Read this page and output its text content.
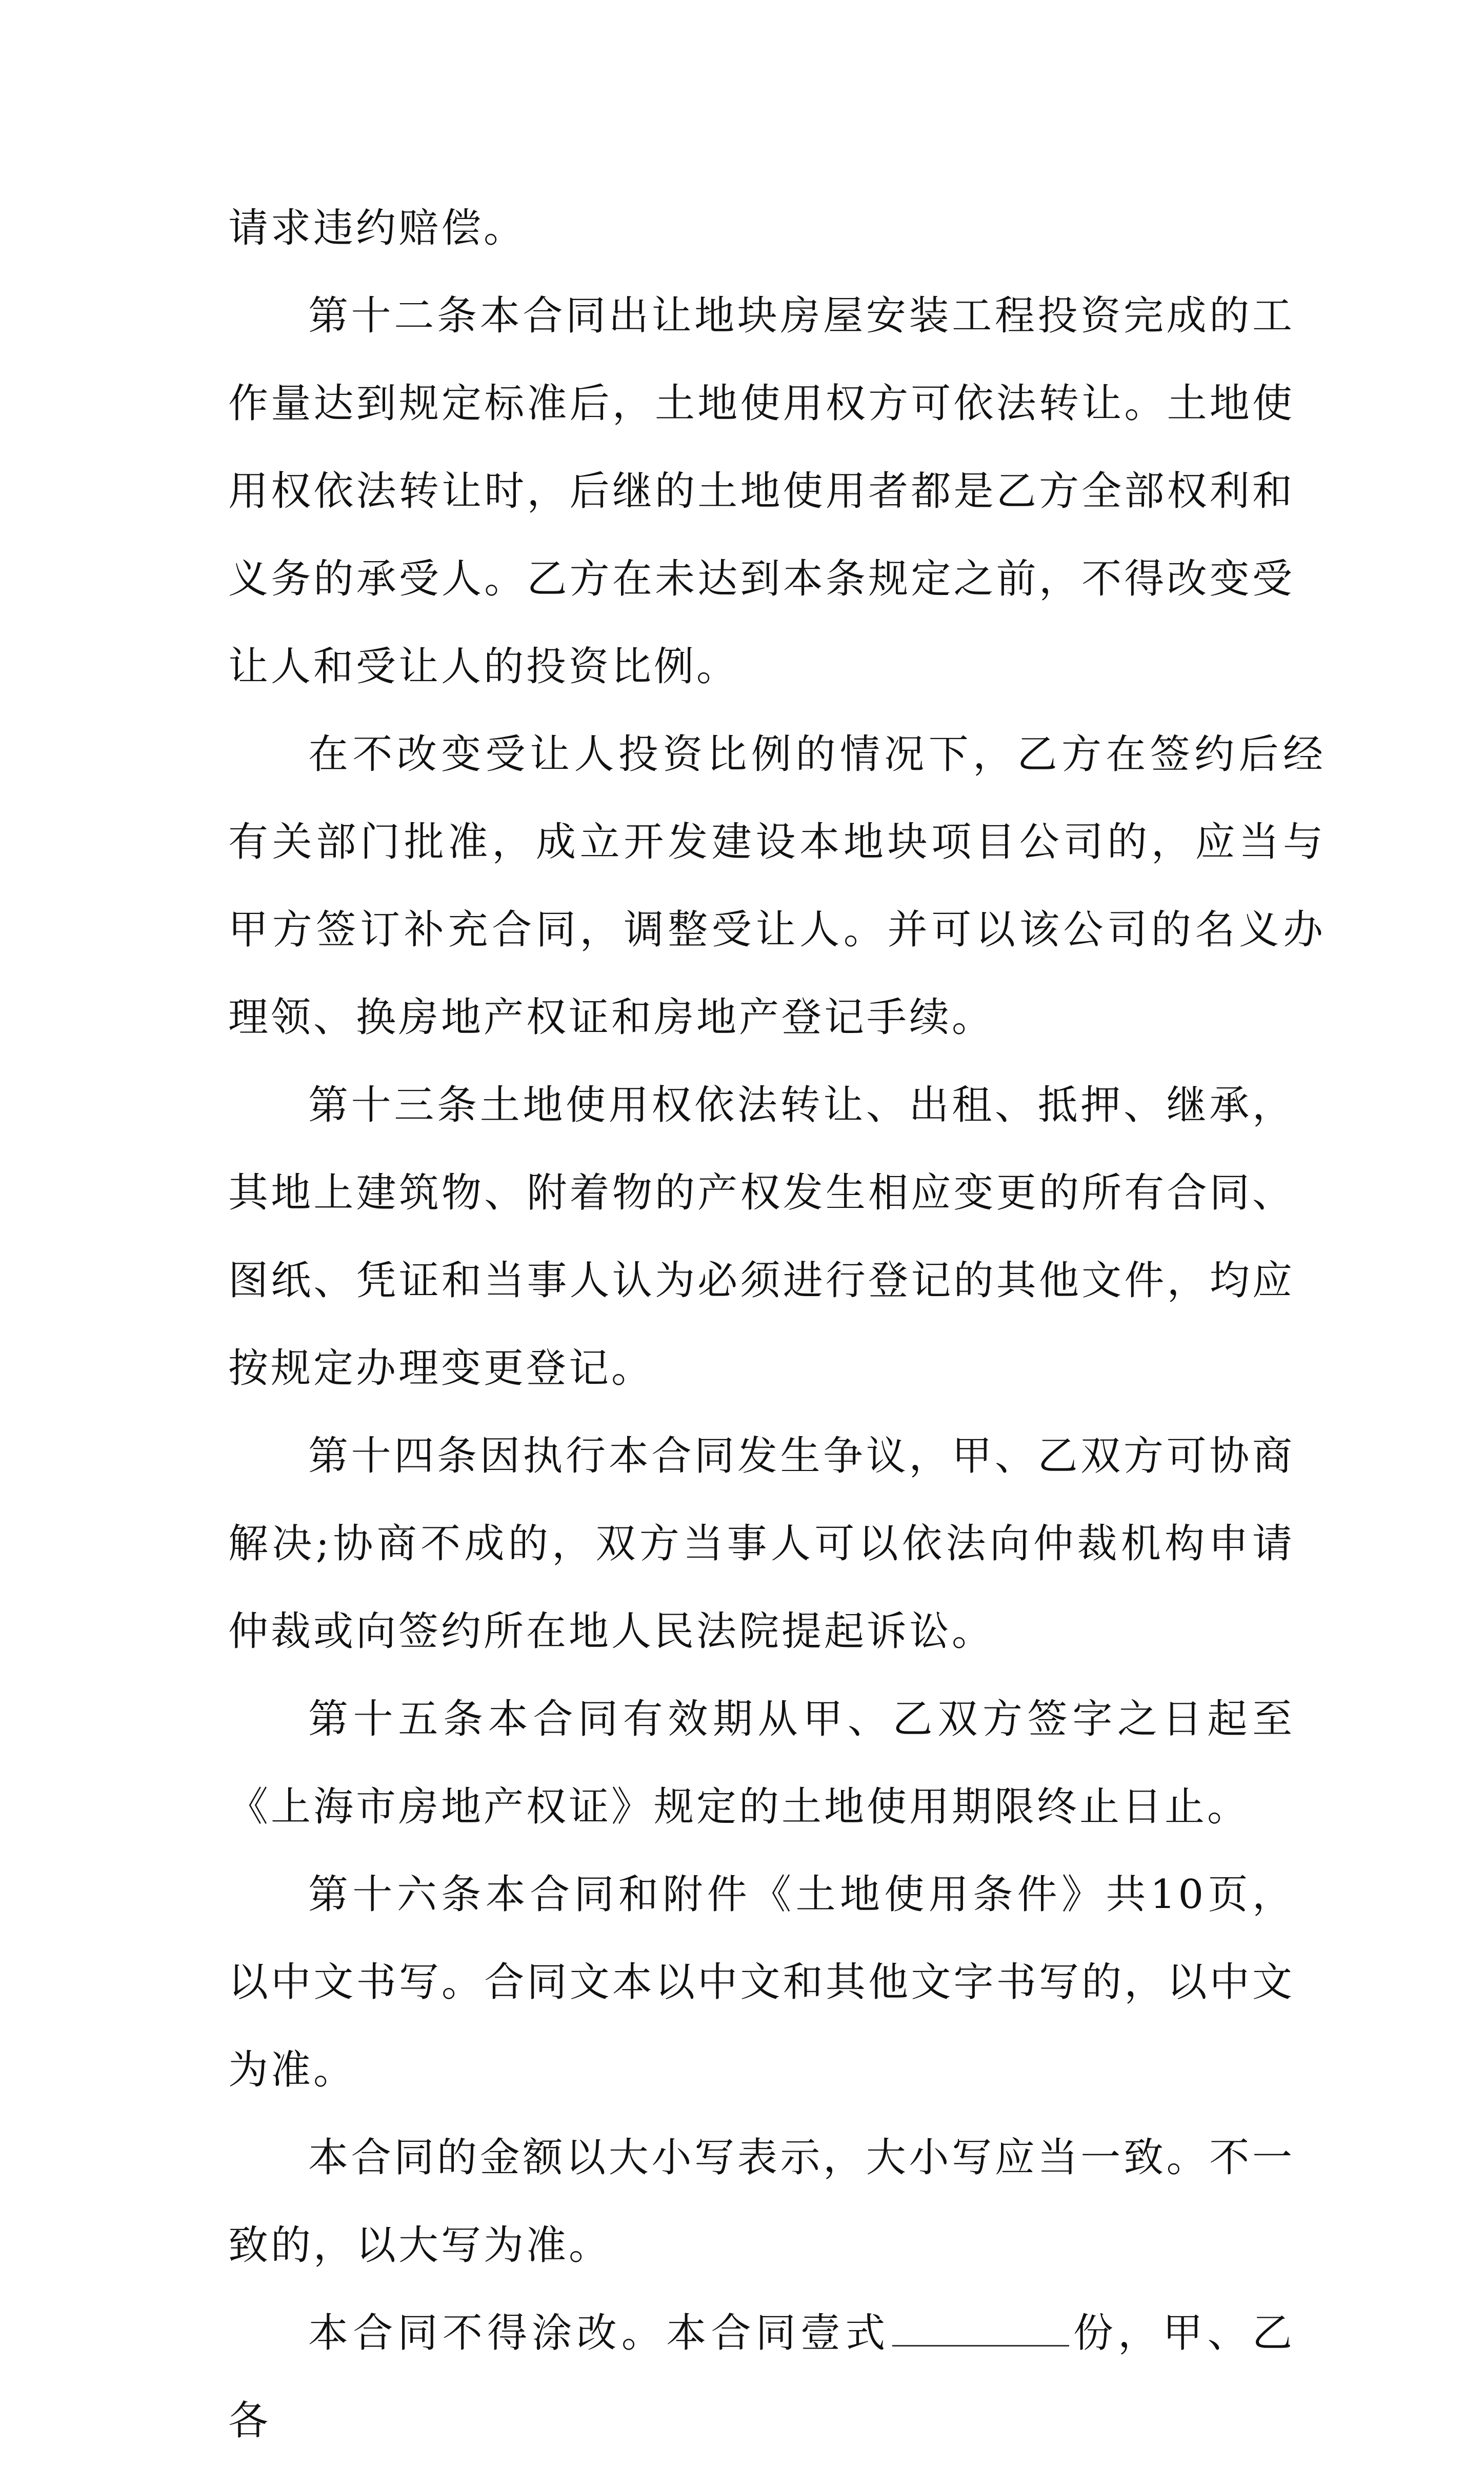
请求违约赔偿。

第十二条本合同出让地块房屋安装工程投资完成的工作量达到规定标准后，土地使用权方可依法转让。土地使用权依法转让时，后继的土地使用者都是乙方全部权利和义务的承受人。乙方在未达到本条规定之前，不得改变受让人和受让人的投资比例。

在不改变受让人投资比例的情况下，乙方在签约后经有关部门批准，成立开发建设本地块项目公司的，应当与甲方签订补充合同，调整受让人。并可以该公司的名义办理领、换房地产权证和房地产登记手续。

第十三条土地使用权依法转让、出租、抵押、继承，其地上建筑物、附着物的产权发生相应变更的所有合同、图纸、凭证和当事人认为必须进行登记的其他文件，均应按规定办理变更登记。

第十四条因执行本合同发生争议，甲、乙双方可协商解决;协商不成的，双方当事人可以依法向仲裁机构申请仲裁或向签约所在地人民法院提起诉讼。

第十五条本合同有效期从甲、乙双方签字之日起至《上海市房地产权证》规定的土地使用期限终止日止。

第十六条本合同和附件《土地使用条件》共10页，以中文书写。合同文本以中文和其他文字书写的，以中文为准。

本合同的金额以大小写表示，大小写应当一致。不一致的，以大写为准。

本合同不得涂改。本合同壹式	份，甲、乙各
